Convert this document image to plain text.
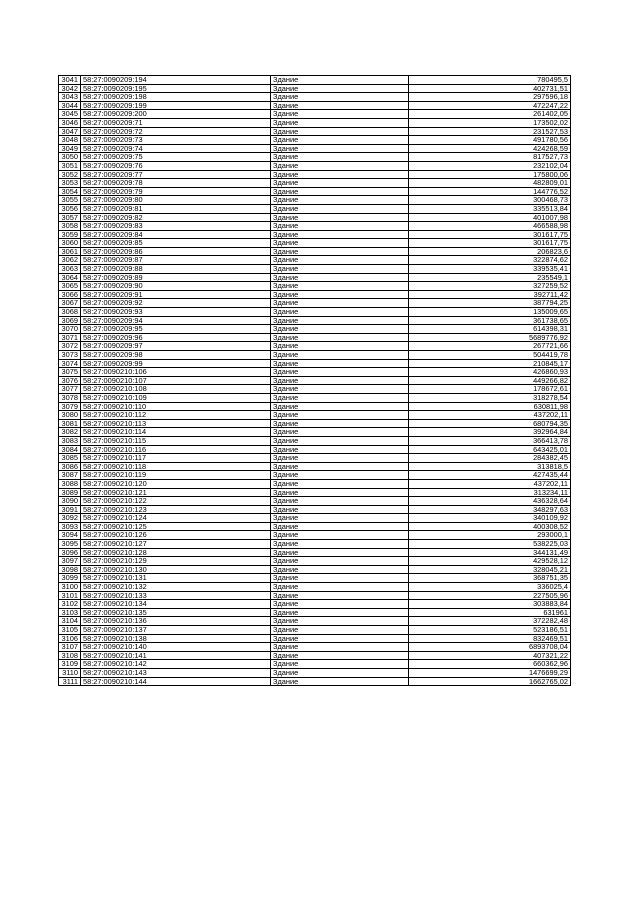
3041	58:27:0090209:194	Здание	780495,5
3042	58:27:0090209:195	Здание	402731,51
3043	58:27:0090209:198	Здание	297596,18
3044	58:27:0090209:199	Здание	472247,22
3045	58:27:0090209:200	Здание	261402,05
3046	58:27:0090209:71	Здание	173502,02
3047	58:27:0090209:72	Здание	231527,53
3048	58:27:0090209:73	Здание	491780,56
3049	58:27:0090209:74	Здание	424268,59
3050	58:27:0090209:75	Здание	817527,73
3051	58:27:0090209:76	Здание	232102,04
3052	58:27:0090209:77	Здание	175800,06
3053	58:27:0090209:78	Здание	482809,01
3054	58:27:0090209:79	Здание	144776,52
3055	58:27:0090209:80	Здание	300468,73
3056	58:27:0090209:81	Здание	335513,84
3057	58:27:0090209:82	Здание	401007,98
3058	58:27:0090209:83	Здание	466588,98
3059	58:27:0090209:84	Здание	301617,75
3060	58:27:0090209:85	Здание	301617,75
3061	58:27:0090209:86	Здание	206823,6
3062	58:27:0090209:87	Здание	322874,62
3063	58:27:0090209:88	Здание	339535,41
3064	58:27:0090209:89	Здание	235549,1
3065	58:27:0090209:90	Здание	327259,52
3066	58:27:0090209:91	Здание	392711,42
3067	58:27:0090209:92	Здание	387794,25
3068	58:27:0090209:93	Здание	135009,65
3069	58:27:0090209:94	Здание	361738,65
3070	58:27:0090209:95	Здание	614398,31
3071	58:27:0090209:96	Здание	5689776,92
3072	58:27:0090209:97	Здание	267721,66
3073	58:27:0090209:98	Здание	504419,78
3074	58:27:0090209:99	Здание	210845,17
3075	58:27:0090210:106	Здание	426860,93
3076	58:27:0090210:107	Здание	449266,82
3077	58:27:0090210:108	Здание	178672,61
3078	58:27:0090210:109	Здание	318278,54
3079	58:27:0090210:110	Здание	630811,98
3080	58:27:0090210:112	Здание	437202,11
3081	58:27:0090210:113	Здание	680794,35
3082	58:27:0090210:114	Здание	392964,84
3083	58:27:0090210:115	Здание	366413,78
3084	58:27:0090210:116	Здание	643425,01
3085	58:27:0090210:117	Здание	284382,45
3086	58:27:0090210:118	Здание	313818,5
3087	58:27:0090210:119	Здание	427435,44
3088	58:27:0090210:120	Здание	437202,11
3089	58:27:0090210:121	Здание	313234,11
3090	58:27:0090210:122	Здание	436328,64
3091	58:27:0090210:123	Здание	348297,63
3092	58:27:0090210:124	Здание	340109,92
3093	58:27:0090210:125	Здание	400308,52
3094	58:27:0090210:126	Здание	293000,1
3095	58:27:0090210:127	Здание	538225,03
3096	58:27:0090210:128	Здание	344131,49
3097	58:27:0090210:129	Здание	429528,12
3098	58:27:0090210:130	Здание	328045,21
3099	58:27:0090210:131	Здание	368751,35
3100	58:27:0090210:132	Здание	336025,4
3101	58:27:0090210:133	Здание	227505,96
3102	58:27:0090210:134	Здание	303883,84
3103	58:27:0090210:135	Здание	631961
3104	58:27:0090210:136	Здание	372282,48
3105	58:27:0090210:137	Здание	523186,51
3106	58:27:0090210:138	Здание	832469,51
3107	58:27:0090210:140	Здание	6893708,04
3108	58:27:0090210:141	Здание	407321,22
3109	58:27:0090210:142	Здание	660362,96
3110	58:27:0090210:143	Здание	1476699,29
3111	58:27:0090210:144	Здание	1662765,02
